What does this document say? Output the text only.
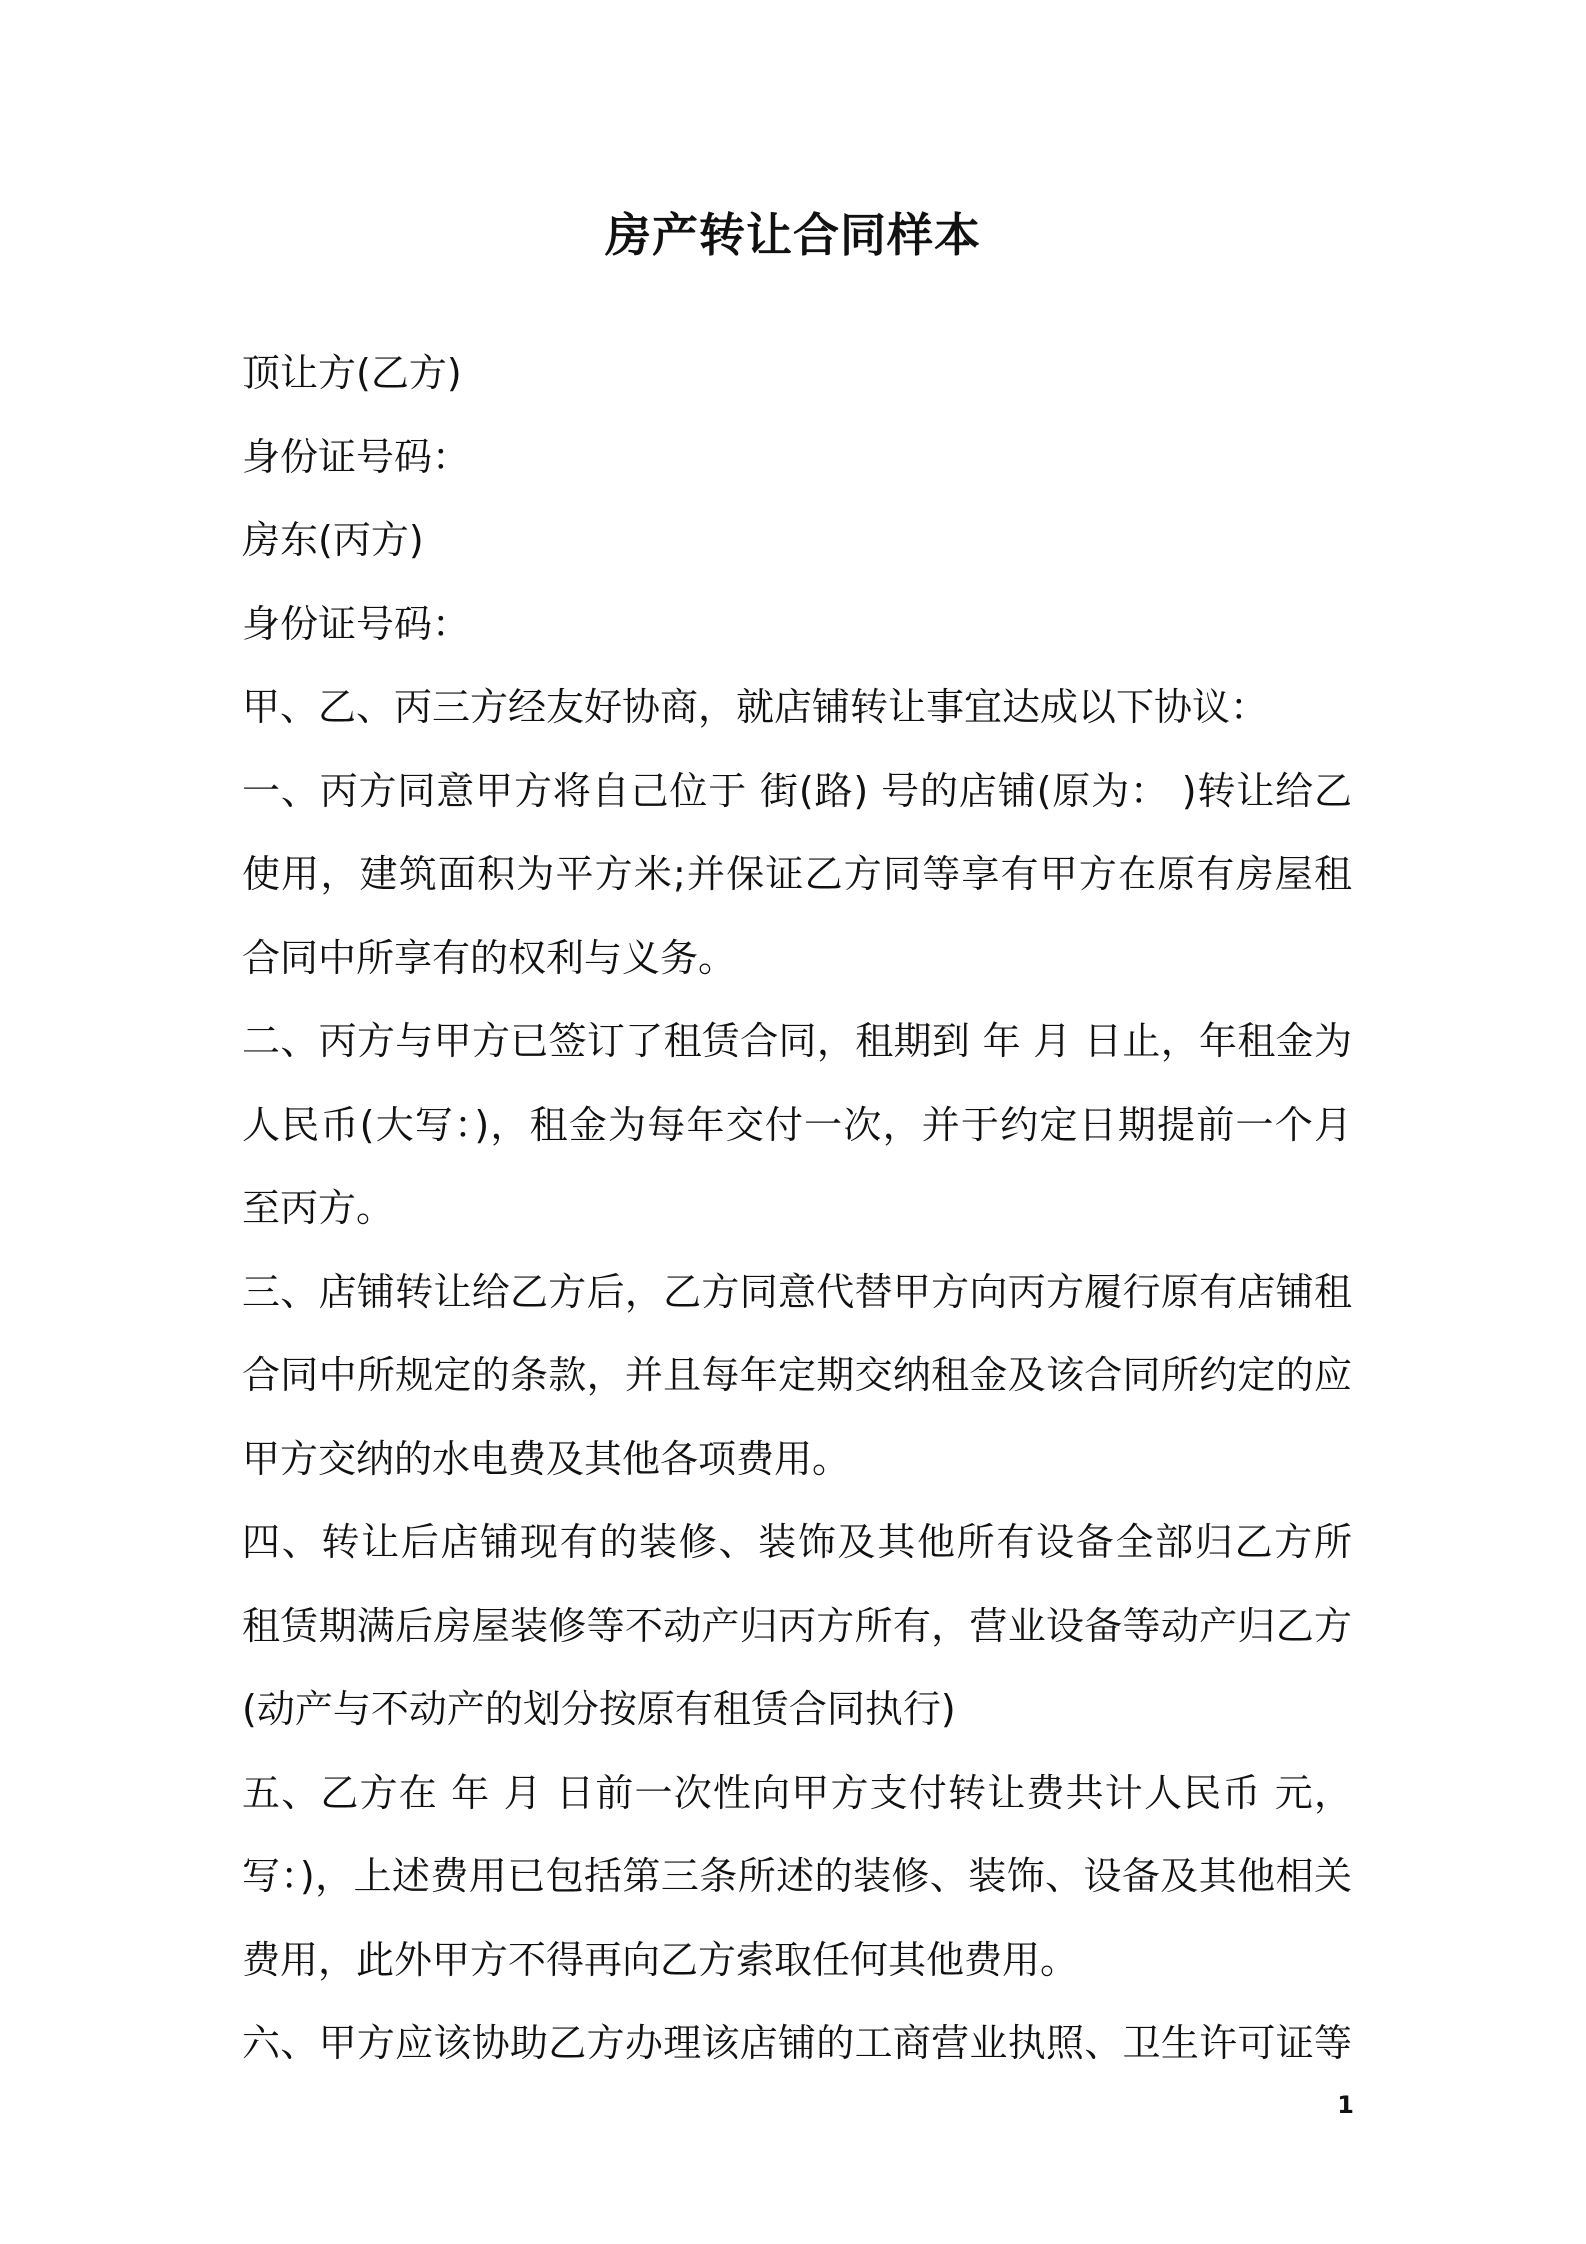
房产转让合同样本
顶让方(乙方)
身份证号码：
房东(丙方)
身份证号码：
甲、乙、丙三方经友好协商，就店铺转让事宜达成以下协议：
一、丙方同意甲方将自己位于 街(路) 号的店铺(原为： )转让给乙
使用，建筑面积为平方米;并保证乙方同等享有甲方在原有房屋租
合同中所享有的权利与义务。
二、丙方与甲方已签订了租赁合同，租期到 年 月 日止，年租金为
人民币(大写：)，租金为每年交付一次，并于约定日期提前一个月
至丙方。
三、店铺转让给乙方后，乙方同意代替甲方向丙方履行原有店铺租
合同中所规定的条款，并且每年定期交纳租金及该合同所约定的应
甲方交纳的水电费及其他各项费用。
四、转让后店铺现有的装修、装饰及其他所有设备全部归乙方所
租赁期满后房屋装修等不动产归丙方所有，营业设备等动产归乙方
(动产与不动产的划分按原有租赁合同执行)
五、乙方在 年 月 日前一次性向甲方支付转让费共计人民币 元，
写：)，上述费用已包括第三条所述的装修、装饰、设备及其他相关
费用，此外甲方不得再向乙方索取任何其他费用。
六、甲方应该协助乙方办理该店铺的工商营业执照、卫生许可证等
1
